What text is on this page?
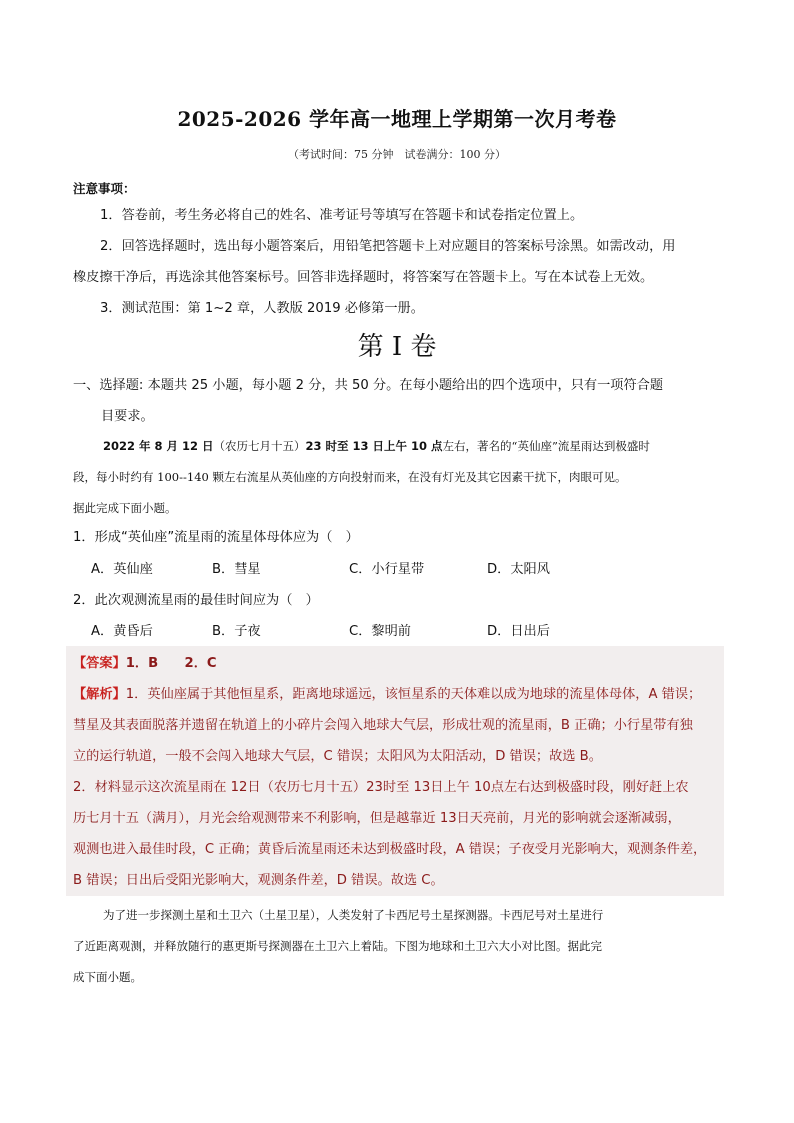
2025-2026 学年高一地理上学期第一次月考卷
（考试时间：75 分钟　试卷满分：100 分）
注意事项：
1．答卷前，考生务必将自己的姓名、准考证号等填写在答题卡和试卷指定位置上。
2．回答选择题时，选出每小题答案后，用铅笔把答题卡上对应题目的答案标号涂黑。如需改动，用
橡皮擦干净后，再选涂其他答案标号。回答非选择题时，将答案写在答题卡上。写在本试卷上无效。
3．测试范围：第 1~2 章，人教版 2019 必修第一册。
第 I 卷
一、选择题: 本题共 25 小题，每小题 2 分，共 50 分。在每小题给出的四个选项中，只有一项符合题
目要求。
2022 年 8 月 12 日（农历七月十五）23 时至 13 日上午 10 点左右，著名的“英仙座”流星雨达到极盛时
段，每小时约有 100--140 颗左右流星从英仙座的方向投射而来，在没有灯光及其它因素干扰下，肉眼可见。
据此完成下面小题。
1．形成“英仙座”流星雨的流星体母体应为（　）
A．英仙座	B．彗星	C．小行星带	D．太阳风
2．此次观测流星雨的最佳时间应为（　）
A．黄昏后	B．子夜	C．黎明前	D．日出后
【答案】1．B　　2．C
【解析】1．英仙座属于其他恒星系，距离地球遥远，该恒星系的天体难以成为地球的流星体母体，A 错误；
彗星及其表面脱落并遗留在轨道上的小碎片会闯入地球大气层，形成壮观的流星雨，B 正确；小行星带有独
立的运行轨道，一般不会闯入地球大气层，C 错误；太阳风为太阳活动，D 错误；故选 B。
2．材料显示这次流星雨在 12日（农历七月十五）23时至 13日上午 10点左右达到极盛时段，刚好赶上农
历七月十五（满月），月光会给观测带来不利影响，但是越靠近 13日天亮前，月光的影响就会逐渐减弱，
观测也进入最佳时段，C 正确；黄昏后流星雨还未达到极盛时段，A 错误；子夜受月光影响大，观测条件差，
B 错误；日出后受阳光影响大，观测条件差，D 错误。故选 C。
为了进一步探测土星和土卫六（土星卫星），人类发射了卡西尼号土星探测器。卡西尼号对土星进行
了近距离观测，并释放随行的惠更斯号探测器在土卫六上着陆。下图为地球和土卫六大小对比图。据此完
成下面小题。
